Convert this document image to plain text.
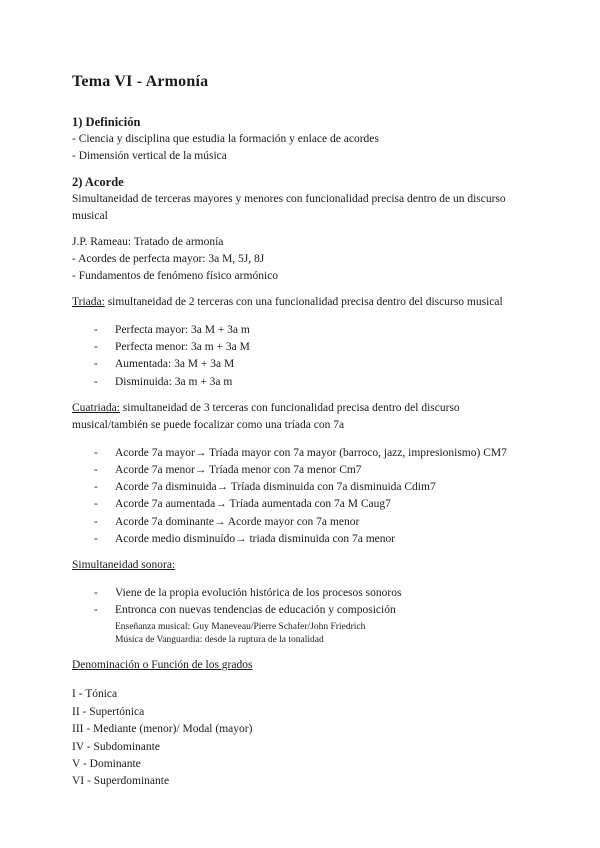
Tema VI - Armonía
1) Definición
- Ciencia y disciplina que estudia la formación y enlace de acordes
- Dimensión vertical de la música
2) Acorde
Simultaneidad de terceras mayores y menores con funcionalidad precisa dentro de un discurso musical
J.P. Rameau: Tratado de armonía
- Acordes de perfecta mayor: 3a M, 5J, 8J
- Fundamentos de fenómeno físico armónico
Triada: simultaneidad de 2 terceras con una funcionalidad precisa dentro del discurso musical
-	Perfecta mayor: 3a M + 3a m
-	Perfecta menor: 3a m + 3a M
-	Aumentada: 3a M + 3a M
-	Disminuida: 3a m + 3a m
Cuatriada: simultaneidad de 3 terceras con funcionalidad precisa dentro del discurso musical/también se puede focalizar como una tríada con 7a
-	Acorde 7a mayor→ Tríada mayor con 7a mayor (barroco, jazz, impresionismo) CM7
-	Acorde 7a menor→ Tríada menor con 7a menor Cm7
-	Acorde 7a disminuida→ Tríada disminuida con 7a disminuida Cdim7
-	Acorde 7a aumentada→ Tríada aumentada con 7a M Caug7
-	Acorde 7a dominante→ Acorde mayor con 7a menor
-	Acorde medio disminuído→ triada disminuida con 7a menor
Simultaneidad sonora:
-	Viene de la propia evolución histórica de los procesos sonoros
-	Entronca con nuevas tendencias de educación y composición
Enseñanza musical: Guy Maneveau/Pierre Schafer/John Friedrich
Música de Vanguardia: desde la ruptura de la tonalidad
Denominación o Función de los grados
I - Tónica
II - Supertónica
III - Mediante (menor)/ Modal (mayor)
IV - Subdominante
V - Dominante
VI - Superdominante
